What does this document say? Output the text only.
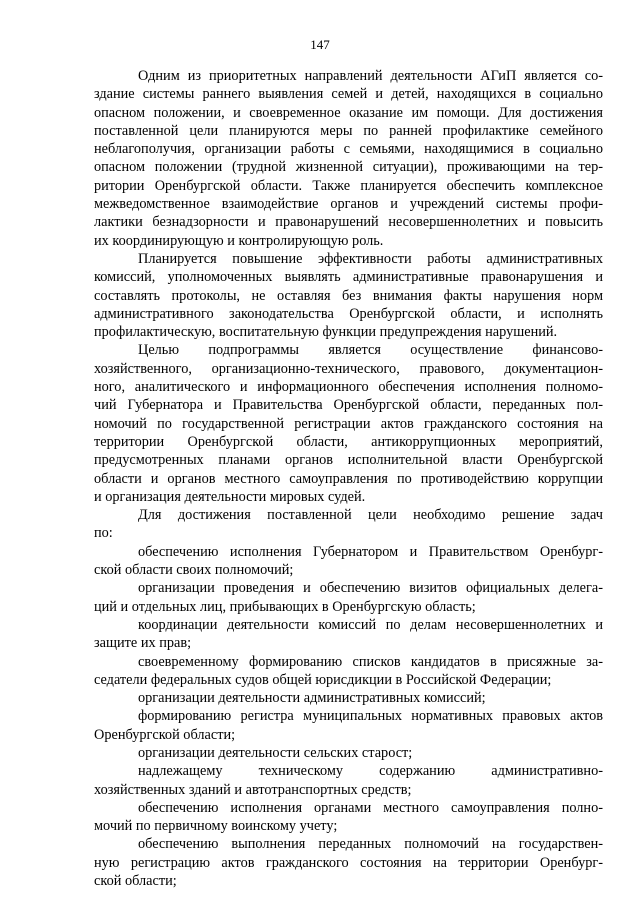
147
Одним из приоритетных направлений деятельности АГиП является со-
здание системы раннего выявления семей и детей, находящихся в социально
опасном положении, и своевременное оказание им помощи. Для достижения
поставленной цели планируются меры по ранней профилактике семейного
неблагополучия, организации работы с семьями, находящимися в социально
опасном положении (трудной жизненной ситуации), проживающими на тер-
ритории Оренбургской области. Также планируется обеспечить комплексное
межведомственное взаимодействие органов и учреждений системы профи-
лактики безнадзорности и правонарушений несовершеннолетних и повысить
их координирующую и контролирующую роль.
Планируется повышение эффективности работы административных
комиссий, уполномоченных выявлять административные правонарушения и
составлять протоколы, не оставляя без внимания факты нарушения норм
административного законодательства Оренбургской области, и исполнять
профилактическую, воспитательную функции предупреждения нарушений.
Целью подпрограммы является осуществление финансово-
хозяйственного, организационно-технического, правового, документацион-
ного, аналитического и информационного обеспечения исполнения полномо-
чий Губернатора и Правительства Оренбургской области, переданных пол-
номочий по государственной регистрации актов гражданского состояния на
территории Оренбургской области, антикоррупционных мероприятий,
предусмотренных планами органов исполнительной власти Оренбургской
области и органов местного самоуправления по противодействию коррупции
и организация деятельности мировых судей.
Для достижения поставленной цели необходимо решение задач
по:
обеспечению исполнения Губернатором и Правительством Оренбург-
ской области своих полномочий;
организации проведения и обеспечению визитов официальных делега-
ций и отдельных лиц, прибывающих в Оренбургскую область;
координации деятельности комиссий по делам несовершеннолетних и
защите их прав;
своевременному формированию списков кандидатов в присяжные за-
седатели федеральных судов общей юрисдикции в Российской Федерации;
организации деятельности административных комиссий;
формированию регистра муниципальных нормативных правовых актов
Оренбургской области;
организации деятельности сельских старост;
надлежащему техническому содержанию административно-
хозяйственных зданий и автотранспортных средств;
обеспечению исполнения органами местного самоуправления полно-
мочий по первичному воинскому учету;
обеспечению выполнения переданных полномочий на государствен-
ную регистрацию актов гражданского состояния на территории Оренбург-
ской области;
